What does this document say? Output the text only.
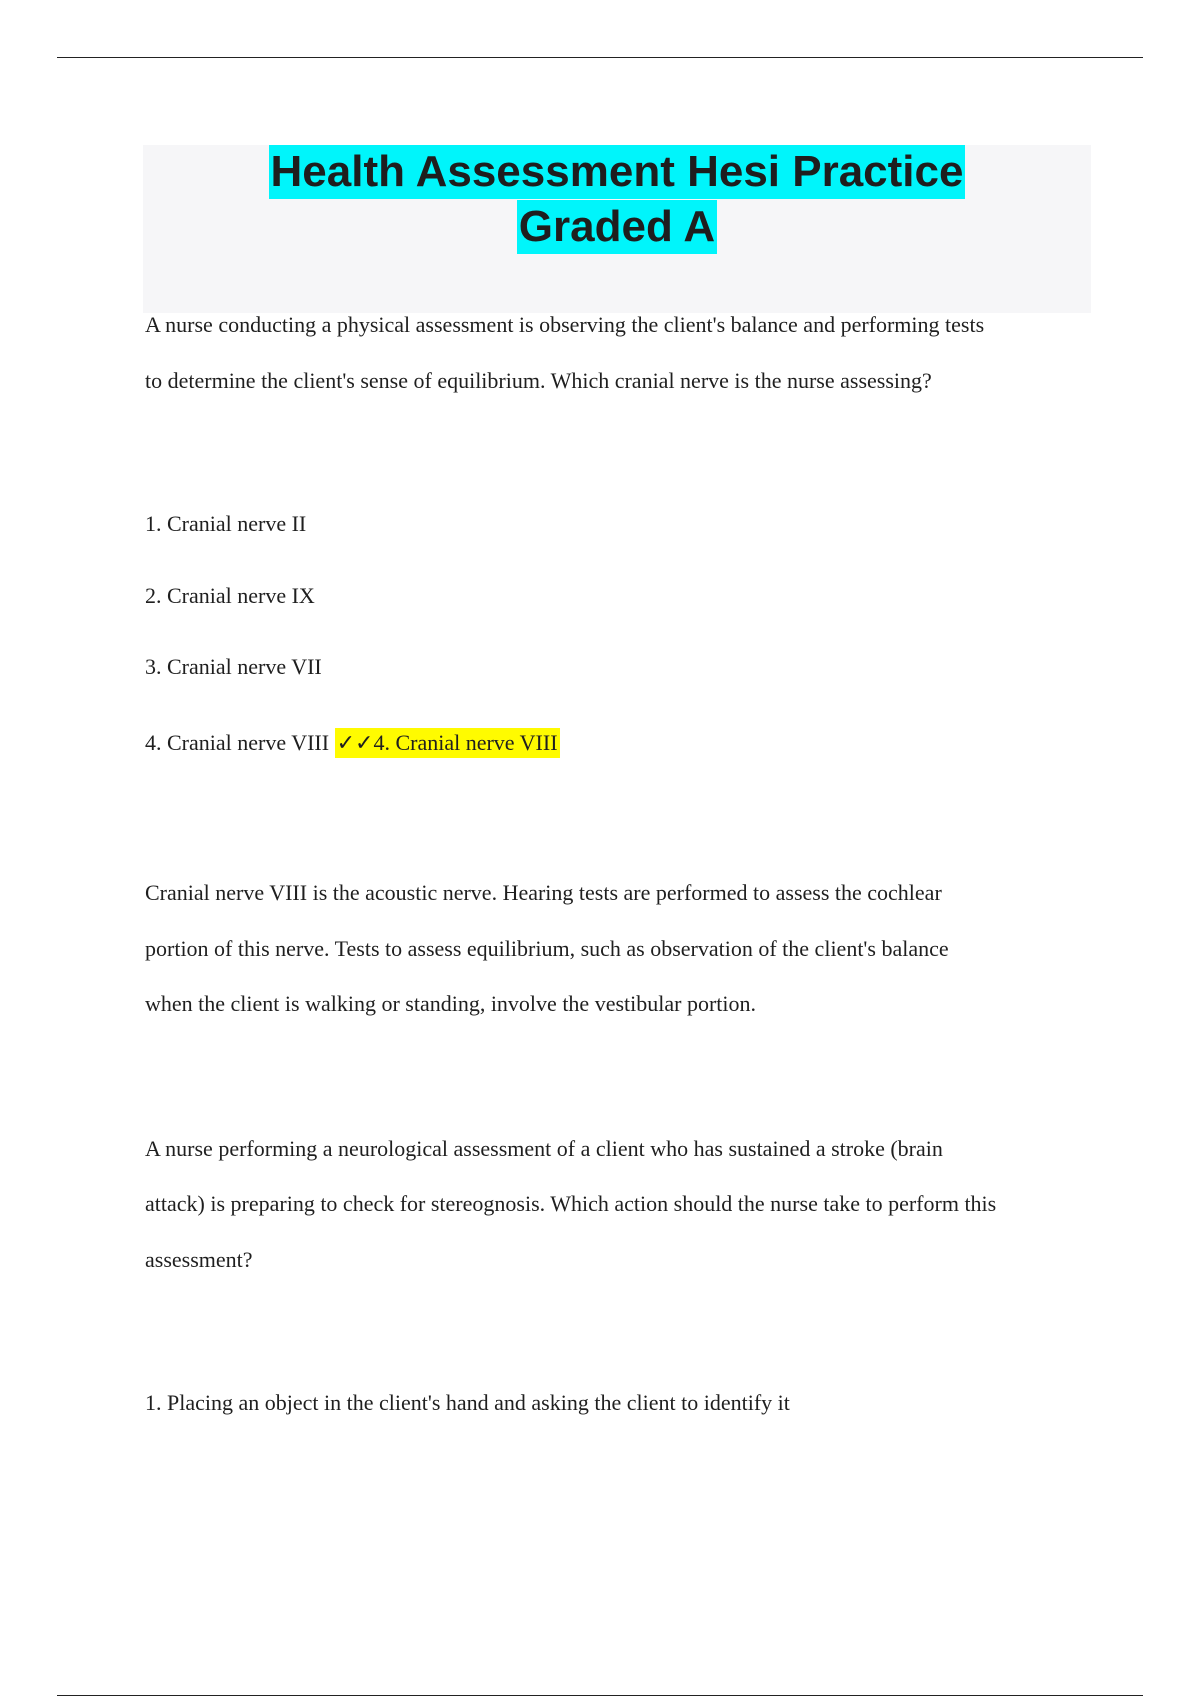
Health Assessment Hesi Practice
Graded A
A nurse conducting a physical assessment is observing the client's balance and performing tests
to determine the client's sense of equilibrium. Which cranial nerve is the nurse assessing?
1. Cranial nerve II
2. Cranial nerve IX
3. Cranial nerve VII
4. Cranial nerve VIII ✓✓4. Cranial nerve VIII
Cranial nerve VIII is the acoustic nerve. Hearing tests are performed to assess the cochlear
portion of this nerve. Tests to assess equilibrium, such as observation of the client's balance
when the client is walking or standing, involve the vestibular portion.
A nurse performing a neurological assessment of a client who has sustained a stroke (brain
attack) is preparing to check for stereognosis. Which action should the nurse take to perform this
assessment?
1. Placing an object in the client's hand and asking the client to identify it
